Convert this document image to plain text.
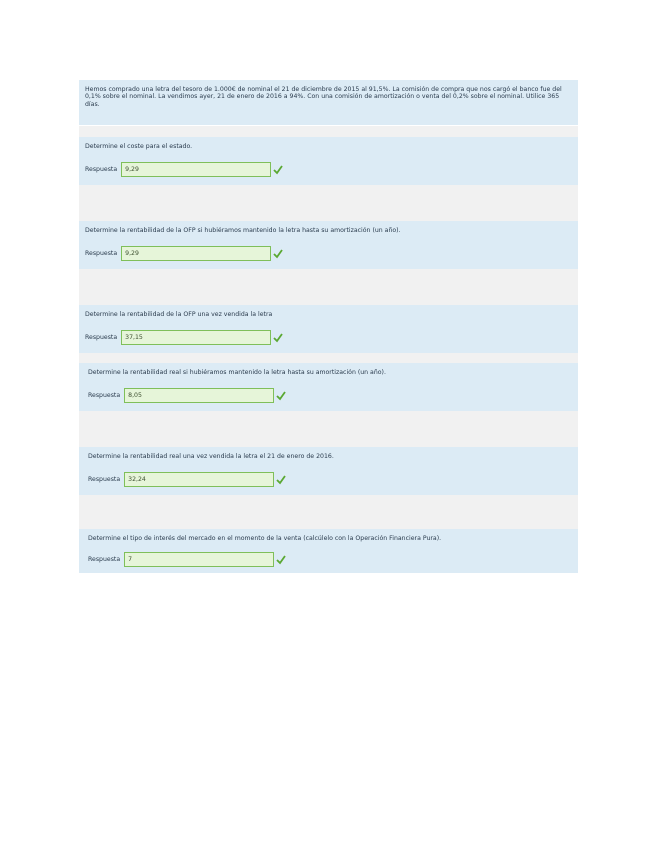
Hemos comprado una letra del tesoro de 1.000€ de nominal el 21 de diciembre de 2015 al 91,5%. La comisión de compra que nos cargó el banco fue del 0,1% sobre el nominal. La vendimos ayer, 21 de enero de 2016 a 94%. Con una comisión de amortización o venta del 0,2% sobre el nominal. Utilice 365 días.
Determine el coste para el estado.
Respuesta	9,29
Determine la rentabilidad de la OFP si hubiéramos mantenido la letra hasta su amortización (un año).
Respuesta	9,29
Determine la rentabilidad de la OFP una vez vendida la letra
Respuesta	37,15
Determine la rentabilidad real si hubiéramos mantenido la letra hasta su amortización (un año).
Respuesta	8,05
Determine la rentabilidad real una vez vendida la letra el 21 de enero de 2016.
Respuesta	32,24
Determine el tipo de interés del mercado en el momento de la venta (calcúlelo con la Operación Financiera Pura).
Respuesta	7
